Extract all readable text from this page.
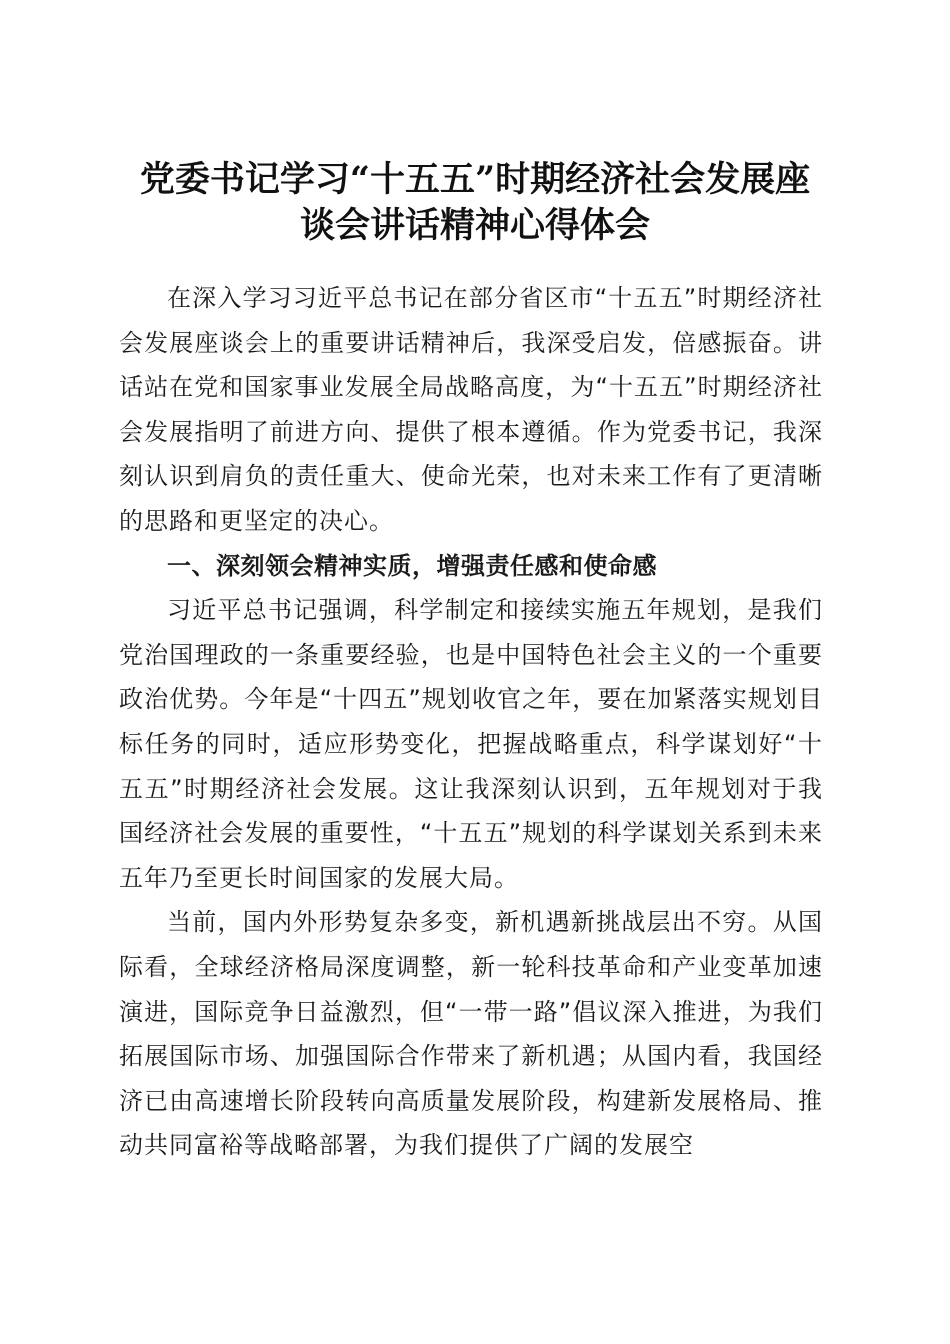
党委书记学习“十五五”时期经济社会发展座
谈会讲话精神心得体会

在深入学习习近平总书记在部分省区市“十五五”时期经济社会发展座谈会上的重要讲话精神后，我深受启发，倍感振奋。讲话站在党和国家事业发展全局战略高度，为“十五五”时期经济社会发展指明了前进方向、提供了根本遵循。作为党委书记，我深刻认识到肩负的责任重大、使命光荣，也对未来工作有了更清晰的思路和更坚定的决心。

一、深刻领会精神实质，增强责任感和使命感

习近平总书记强调，科学制定和接续实施五年规划，是我们党治国理政的一条重要经验，也是中国特色社会主义的一个重要政治优势。今年是“十四五”规划收官之年，要在加紧落实规划目标任务的同时，适应形势变化，把握战略重点，科学谋划好“十五五”时期经济社会发展。这让我深刻认识到，五年规划对于我国经济社会发展的重要性，“十五五”规划的科学谋划关系到未来五年乃至更长时间国家的发展大局。

当前，国内外形势复杂多变，新机遇新挑战层出不穷。从国际看，全球经济格局深度调整，新一轮科技革命和产业变革加速演进，国际竞争日益激烈，但“一带一路”倡议深入推进，为我们拓展国际市场、加强国际合作带来了新机遇；从国内看，我国经济已由高速增长阶段转向高质量发展阶段，构建新发展格局、推动共同富裕等战略部署，为我们提供了广阔的发展空
